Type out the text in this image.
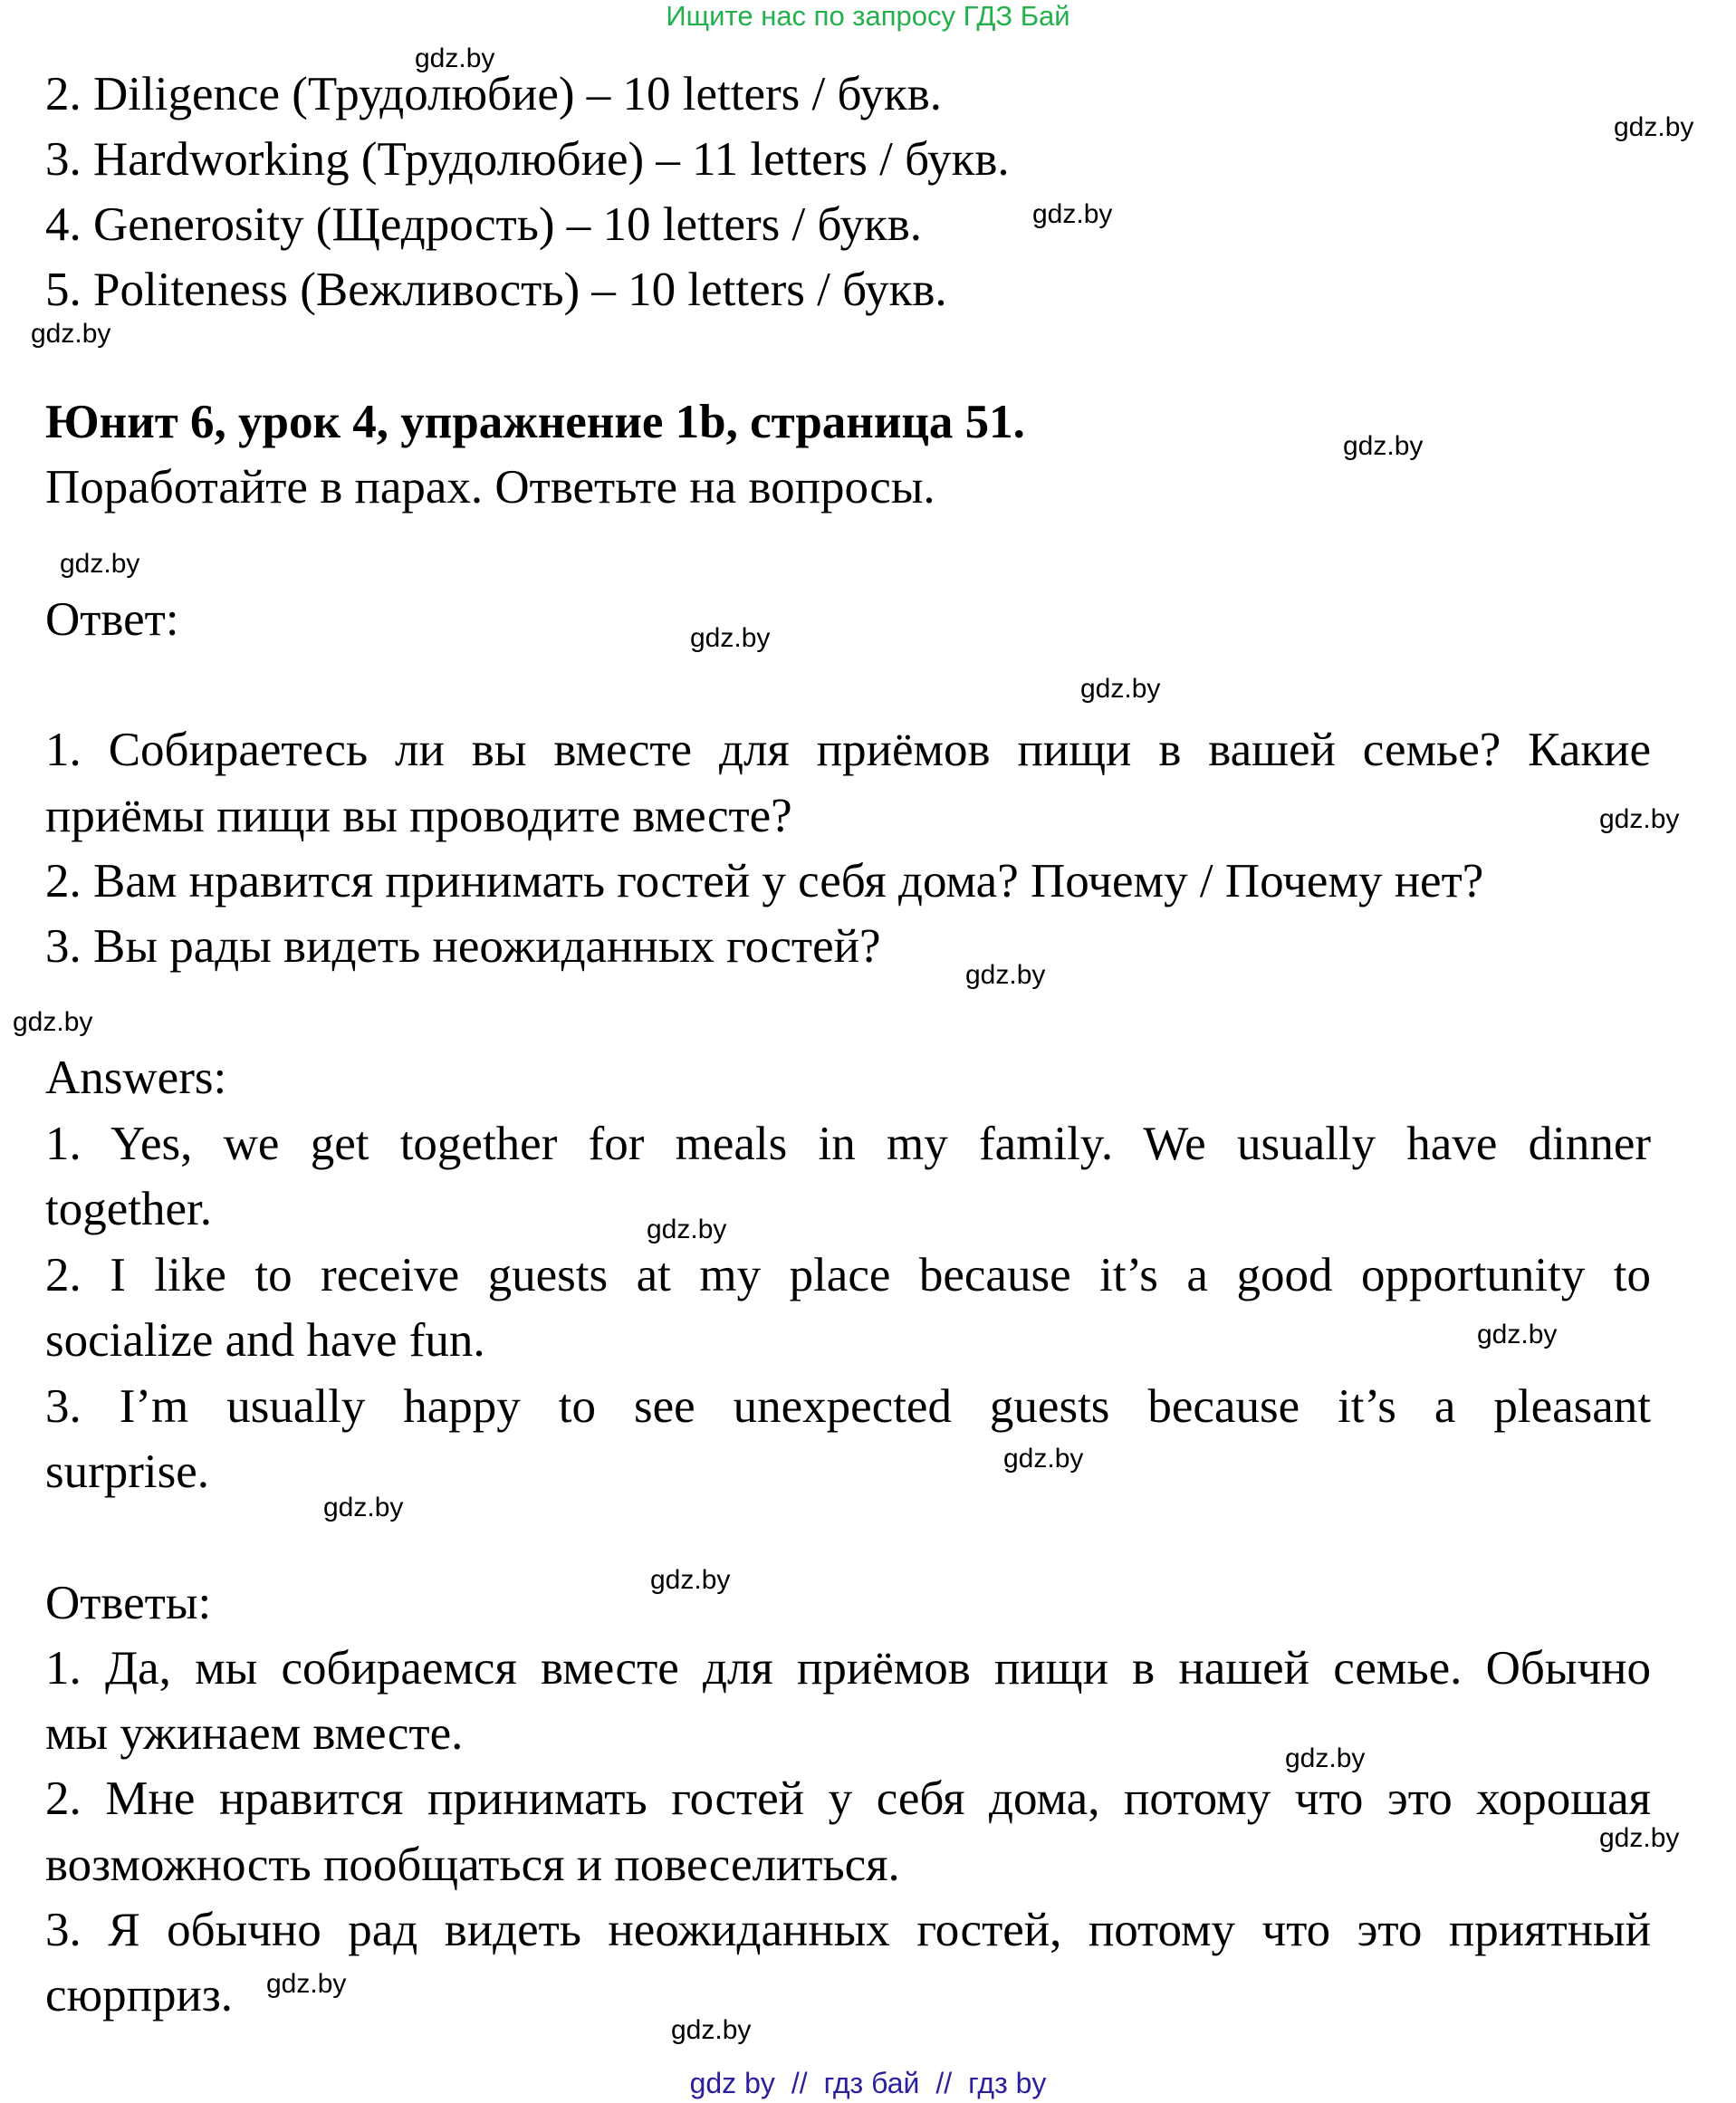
Ищите нас по запросу ГДЗ Бай
2. Diligence (Трудолюбие) – 10 letters / букв.
3. Hardworking (Трудолюбие) – 11 letters / букв.
4. Generosity (Щедрость) – 10 letters / букв.
5. Politeness (Вежливость) – 10 letters / букв.
Юнит 6, урок 4, упражнение 1b, страница 51.
Поработайте в парах. Ответьте на вопросы.
Ответ:
1. Собираетесь ли вы вместе для приёмов пищи в вашей семье? Какие
приёмы пищи вы проводите вместе?
2. Вам нравится принимать гостей у себя дома? Почему / Почему нет?
3. Вы рады видеть неожиданных гостей?
Answers:
1. Yes, we get together for meals in my family. We usually have dinner
together.
2. I like to receive guests at my place because it’s a good opportunity to
socialize and have fun.
3. I’m usually happy to see unexpected guests because it’s a pleasant
surprise.
Ответы:
1. Да, мы собираемся вместе для приёмов пищи в нашей семье. Обычно
мы ужинаем вместе.
2. Мне нравится принимать гостей у себя дома, потому что это хорошая
возможность пообщаться и повеселиться.
3. Я обычно рад видеть неожиданных гостей, потому что это приятный
сюрприз.
gdz.by
gdz.by
gdz.by
gdz.by
gdz.by
gdz.by
gdz.by
gdz.by
gdz.by
gdz.by
gdz.by
gdz.by
gdz.by
gdz.by
gdz.by
gdz.by
gdz.by
gdz.by
gdz.by
gdz.by
gdz by // гдз бай // гдз by
